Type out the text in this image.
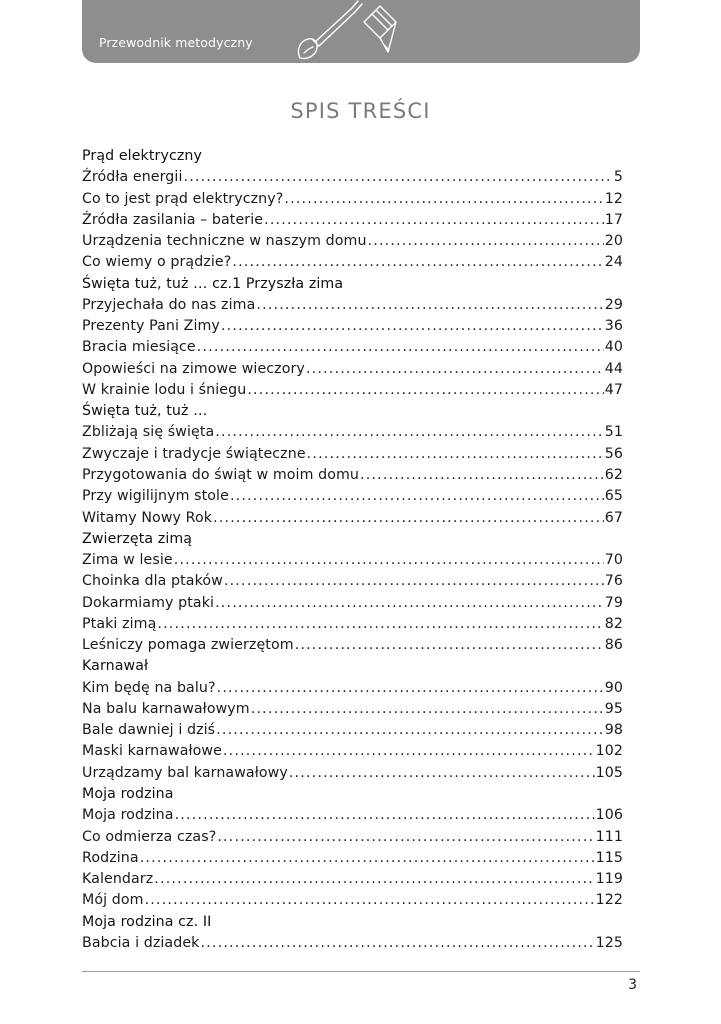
Przewodnik metodyczny
SPIS TREŚCI
Prąd elektryczny
Źródła energii .....	5
Co to jest prąd elektryczny? .....	12
Źródła zasilania – baterie .....	17
Urządzenia techniczne w naszym domu .....	20
Co wiemy o prądzie? .....	24
Święta tuż, tuż … cz.1 Przyszła zima
Przyjechała do nas zima .....	29
Prezenty Pani Zimy .....	36
Bracia miesiące .....	40
Opowieści na zimowe wieczory .....	44
W krainie lodu i śniegu .....	47
Święta tuż, tuż …
Zbliżają się święta .....	51
Zwyczaje i tradycje świąteczne .....	56
Przygotowania do świąt w moim domu .....	62
Przy wigilijnym stole .....	65
Witamy Nowy Rok .....	67
Zwierzęta zimą
Zima w lesie .....	70
Choinka dla ptaków .....	76
Dokarmiamy ptaki .....	79
Ptaki zimą .....	82
Leśniczy pomaga zwierzętom .....	86
Karnawał
Kim będę na balu? .....	90
Na balu karnawałowym .....	95
Bale dawniej i dziś .....	98
Maski karnawałowe .....	102
Urządzamy bal karnawałowy .....	105
Moja rodzina
Moja rodzina .....	106
Co odmierza czas? .....	111
Rodzina .....	115
Kalendarz .....	119
Mój dom .....	122
Moja rodzina cz. II
Babcia i dziadek .....	125
3
